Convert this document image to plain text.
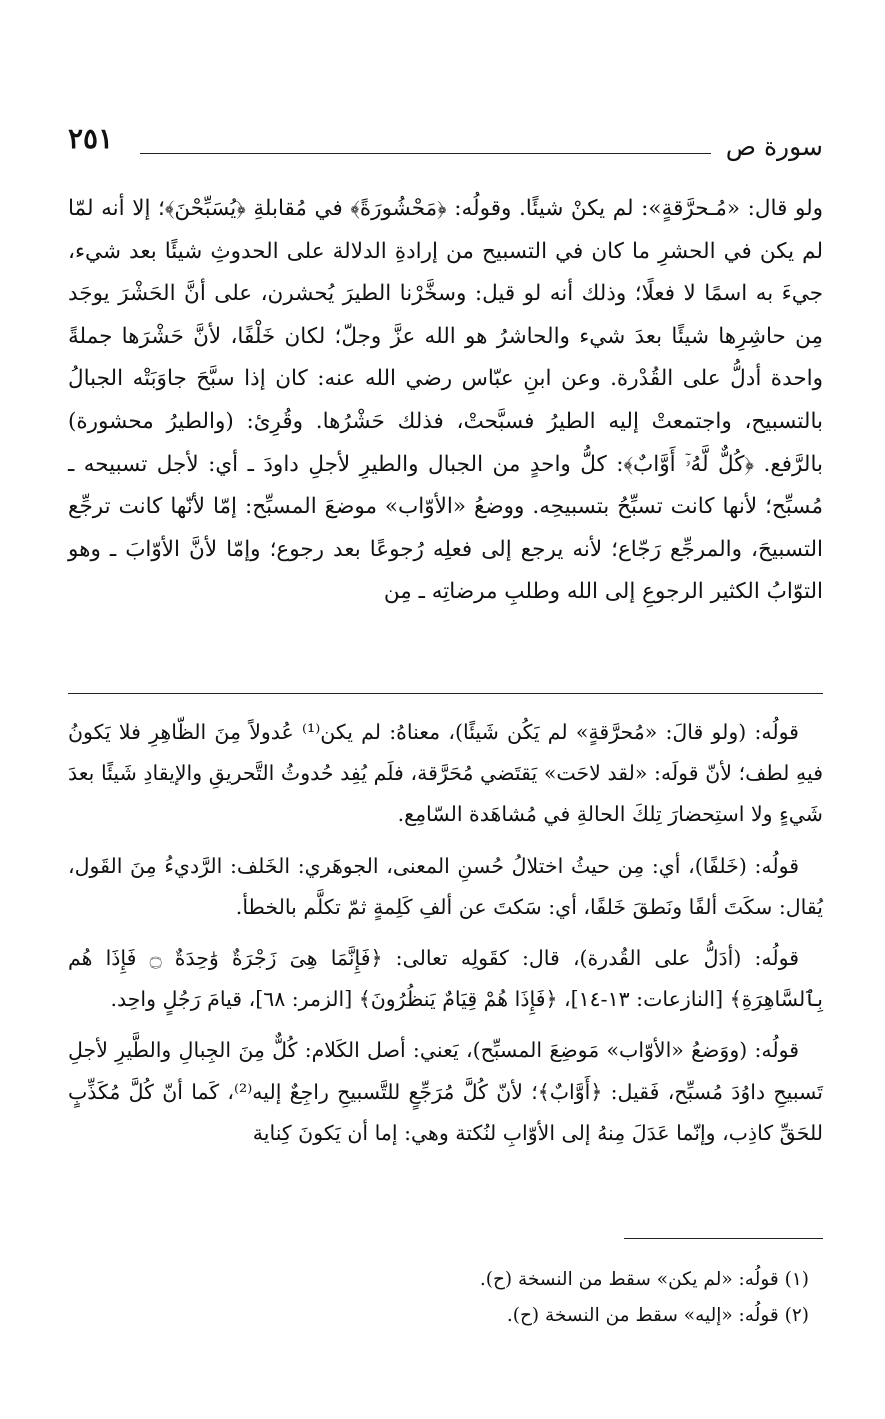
سورة ص
٢٥١

ولو قال: «مُـحرَّقةٍ»: لم يكنْ شيئًا. وقولُه: ﴿مَحْشُورَةً﴾ في مُقابلةِ ﴿يُسَبِّحْنَ﴾؛ إلا أنه لمّا لم يكن في الحشرِ ما كان في التسبيح من إرادةِ الدلالة على الحدوثِ شيئًا بعد شيء، جيءَ به اسمًا لا فعلًا؛ وذلك أنه لو قيل: وسخَّرْنا الطيرَ يُحشرن، على أنَّ الحَشْرَ يوجَد مِن حاشِرِها شيئًا بعدَ شيء والحاشرُ هو الله عزَّ وجلّ؛ لكان خَلْفًا، لأنَّ حَشْرَها جملةً واحدة أدلُّ على القُدْرة. وعن ابنِ عبّاس رضي الله عنه: كان إذا سبَّحَ جاوَبَتْه الجبالُ بالتسبيح، واجتمعتْ إليه الطيرُ فسبَّحتْ، فذلك حَشْرُها. وقُرِئ: (والطيرُ محشورة) بالرَّفع. ﴿كُلٌّ لَّهُۥٓ أَوَّابٌ﴾: كلُّ واحدٍ من الجبال والطيرِ لأجلِ داودَ ـ أي: لأجل تسبيحه ـ مُسبِّح؛ لأنها كانت تسبِّحُ بتسبيحِه. ووضعُ «الأوّاب» موضعَ المسبِّح: إمّا لأنّها كانت ترجِّع التسبيحَ، والمرجِّع رَجّاع؛ لأنه يرجع إلى فعلِه رُجوعًا بعد رجوع؛ وإمّا لأنَّ الأوّابَ ـ وهو التوّابُ الكثير الرجوعِ إلى الله وطلبِ مرضاتِه ـ مِن

قولُه: (ولو قالَ: «مُحرَّقةٍ» لم يَكُن شَيئًا)، معناهُ: لم يكن⁽¹⁾ عُدولاً مِنَ الظّاهِرِ فلا يَكونُ فيهِ لطف؛ لأنّ قولَه: «لقد لاحَت» يَقتَضي مُحَرَّقة، فلَم يُفِد حُدوثُ التَّحريقِ والإيقادِ شَيئًا بعدَ شَيءٍ ولا استِحضارَ تِلكَ الحالةِ في مُشاهَدة السّامِع.

قولُه: (خَلفًا)، أي: مِن حيثُ اختلالُ حُسنِ المعنى، الجوهَري: الخَلف: الرَّديءُ مِنَ القَول، يُقال: سكَتَ ألفًا ونَطقَ خَلفًا، أي: سَكتَ عن ألفِ كَلِمةٍ ثمّ تكلَّم بالخطأ.

قولُه: (أدَلُّ على القُدرة)، قال: كقَولِه تعالى: ﴿فَإِنَّمَا هِىَ زَجْرَةٌ وَٰحِدَةٌ ۝ فَإِذَا هُم بِٱلسَّاهِرَةِ﴾ [النازعات: ١٣-١٤]، ﴿فَإِذَا هُمْ قِيَامٌ يَنظُرُونَ﴾ [الزمر: ٦٨]، قيامَ رَجُلٍ واحِد.

قولُه: (ووَضعُ «الأوّاب» مَوضِعَ المسبِّح)، يَعني: أصل الكَلام: كُلٌّ مِنَ الجِبالِ والطَّيرِ لأجلِ تَسبيحِ داوُدَ مُسبِّح، فَقيل: ﴿أَوَّابٌ﴾؛ لأنّ كُلَّ مُرَجِّعٍ للتَّسبيحِ راجِعٌ إليه⁽²⁾، كَما أنّ كُلَّ مُكَذِّبٍ للحَقِّ كاذِب، وإنّما عَدَلَ مِنهُ إلى الأوّابِ لنُكتة وهي: إما أن يَكونَ كِناية

(١) قولُه: «لم يكن» سقط من النسخة (ح).

(٢) قولُه: «إليه» سقط من النسخة (ح).
